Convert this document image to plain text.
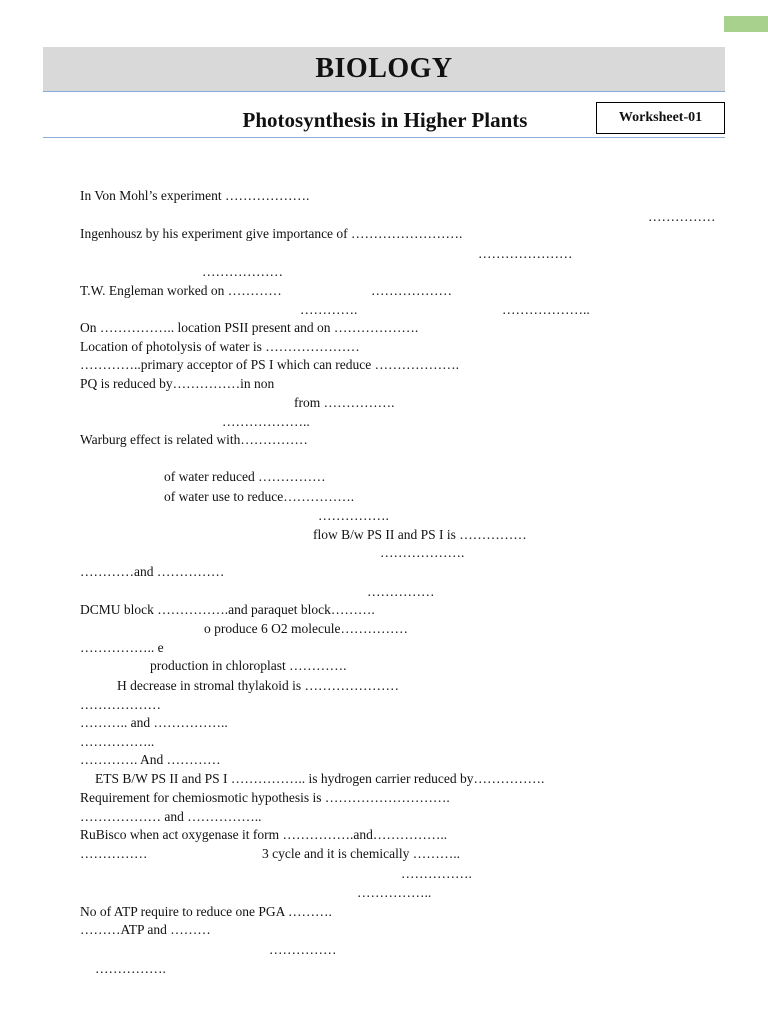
BIOLOGY
Photosynthesis in Higher Plants	Worksheet-01
In Von Mohl’s experiment ……………….
……………
Ingenhousz by his experiment give importance of …………………….
…………………
………………
T.W. Engleman worked on …………	………………
………….	………………..
On …………….. location PSII present and on ……………….
Location of photolysis of water is …………………
…………..primary acceptor of PS I which can reduce ……………….
PQ is reduced by……………in non
from …………….
………………..
Warburg effect is related with……………
of water reduced ……………
of water use to reduce…………….
…………….
flow B/w PS II and PS I is ……………
……………….
…………and ……………
……………
DCMU block …………….and paraquet block……….
o produce 6 O2 molecule……………
…………….. e
production in chloroplast ………….
H decrease in stromal thylakoid is …………………
………………
……….. and ……………..
……………..
…………. And …………
ETS B/W PS II and PS I …………….. is hydrogen carrier reduced by…………….
Requirement for chemiosmotic hypothesis is ……………………….
……………… and ……………..
RuBisco when act oxygenase it form …………….and……………..
……………	3 cycle and it is chemically ………..
…………….
……………..
No of ATP require to reduce one PGA ……….
………ATP and ………
……………
…………….
